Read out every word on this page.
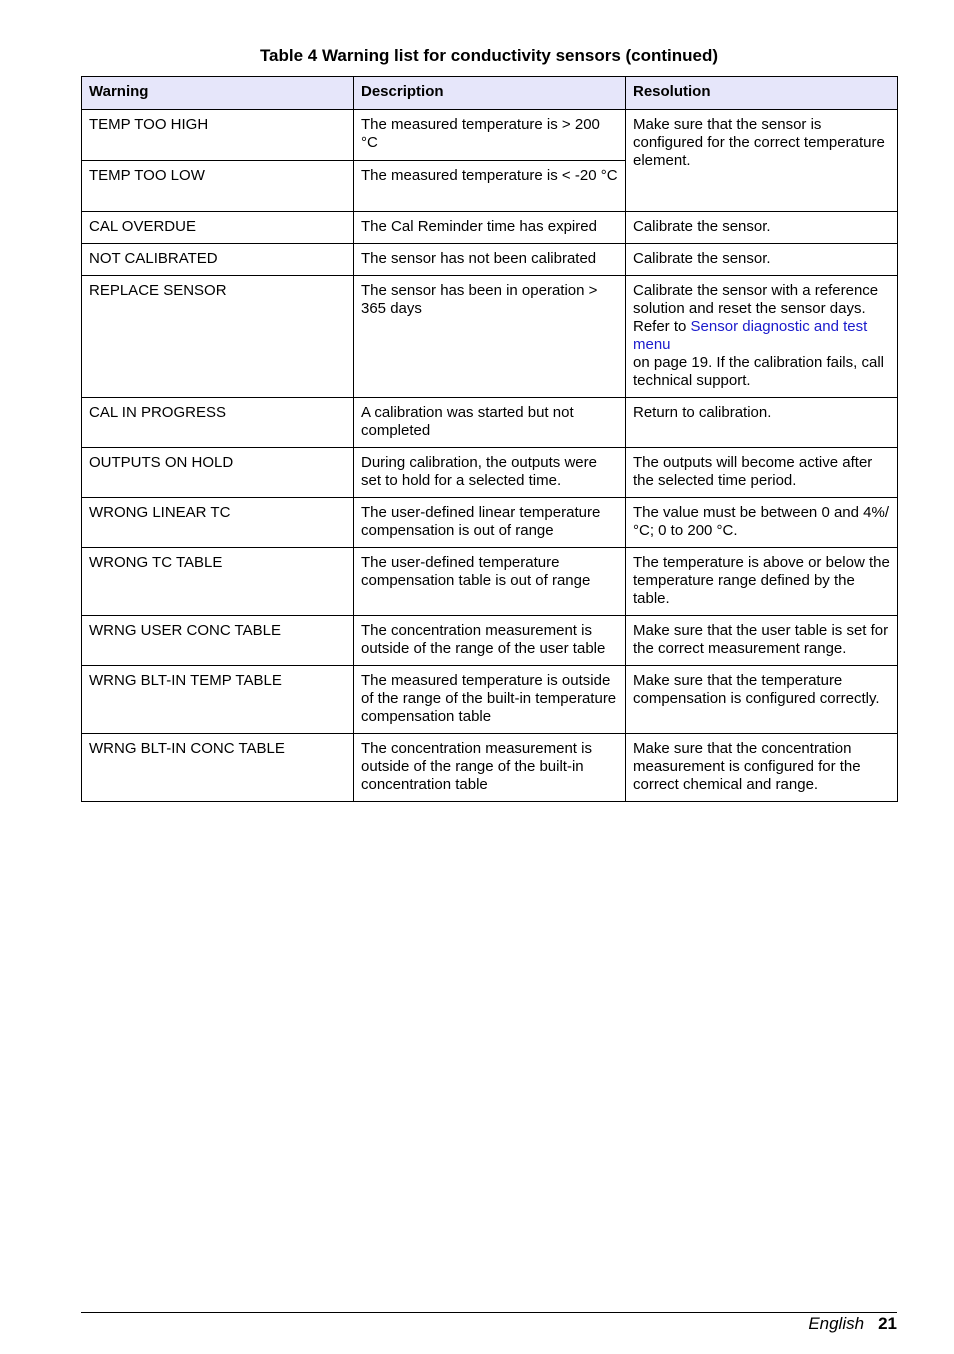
Table 4 Warning list for conductivity sensors (continued)
Warning	Description	Resolution
TEMP TOO HIGH	The measured temperature is > 200 °C	Make sure that the sensor is configured for the correct temperature element.
TEMP TOO LOW	The measured temperature is < -20 °C	
CAL OVERDUE	The Cal Reminder time has expired	Calibrate the sensor.
NOT CALIBRATED	The sensor has not been calibrated	Calibrate the sensor.
REPLACE SENSOR	The sensor has been in operation > 365 days	Calibrate the sensor with a reference solution and reset the sensor days. Refer to Sensor diagnostic and test menu
on page 19. If the calibration fails, call technical support.
CAL IN PROGRESS	A calibration was started but not completed	Return to calibration.
OUTPUTS ON HOLD	During calibration, the outputs were set to hold for a selected time.	The outputs will become active after the selected time period.
WRONG LINEAR TC	The user-defined linear temperature compensation is out of range	The value must be between 0 and 4%/°C; 0 to 200 °C.
WRONG TC TABLE	The user-defined temperature compensation table is out of range	The temperature is above or below the temperature range defined by the table.
WRNG USER CONC TABLE	The concentration measurement is outside of the range of the user table	Make sure that the user table is set for the correct measurement range.
WRNG BLT-IN TEMP TABLE	The measured temperature is outside of the range of the built-in temperature compensation table	Make sure that the temperature compensation is configured correctly.
WRNG BLT-IN CONC TABLE	The concentration measurement is outside of the range of the built-in concentration table	Make sure that the concentration measurement is configured for the correct chemical and range.
English 21
